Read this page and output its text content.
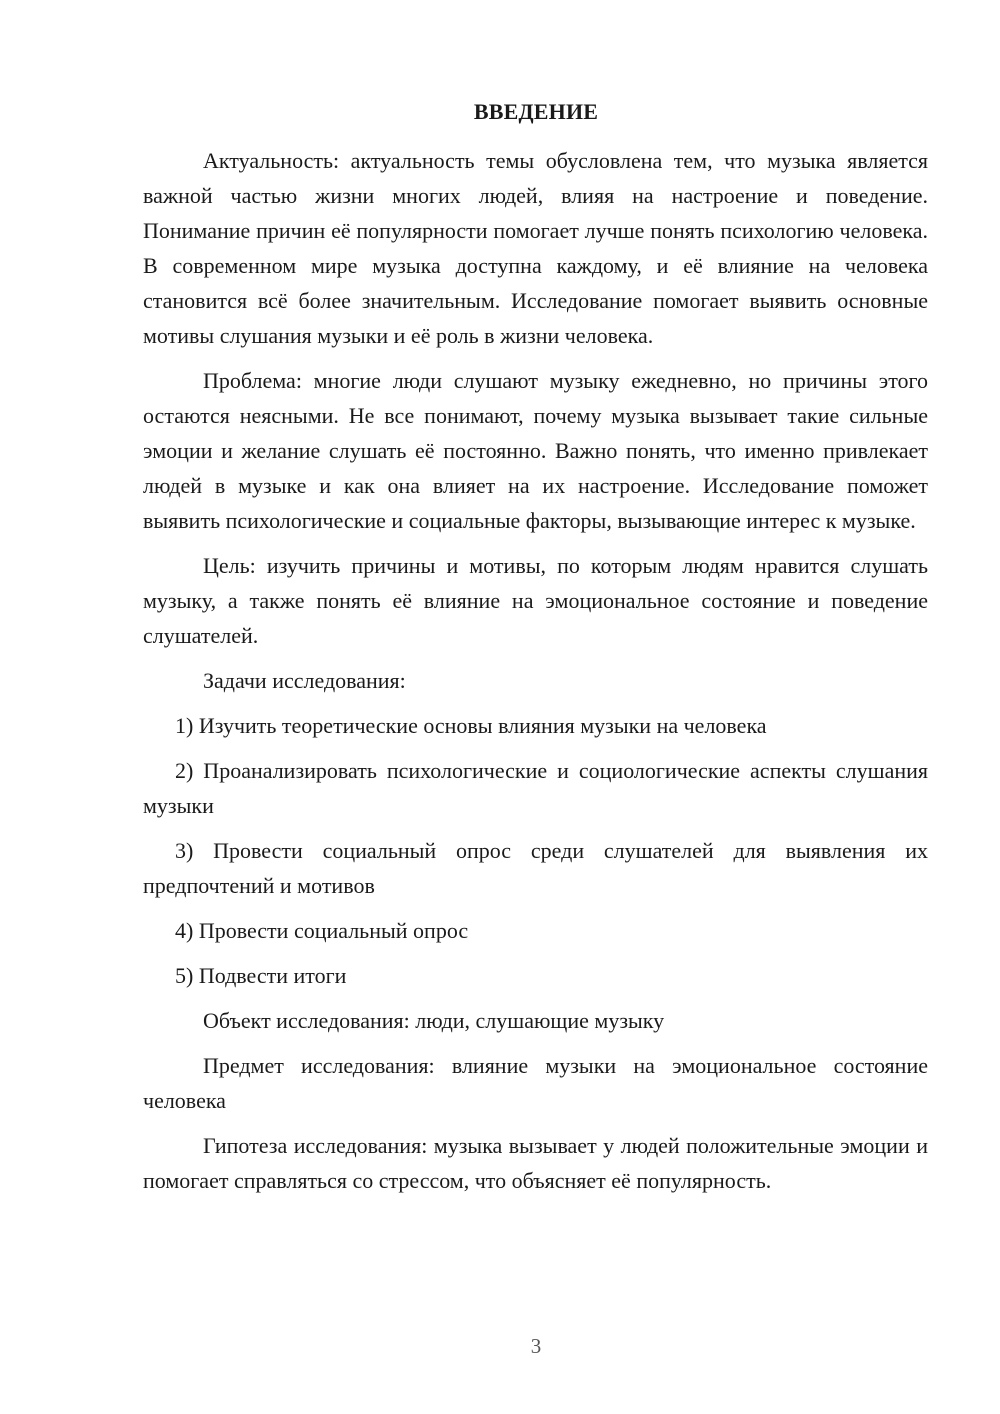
ВВЕДЕНИЕ

Актуальность: актуальность темы обусловлена тем, что музыка является важной частью жизни многих людей, влияя на настроение и поведение. Понимание причин её популярности помогает лучше понять психологию человека. В современном мире музыка доступна каждому, и её влияние на человека становится всё более значительным. Исследование помогает выявить основные мотивы слушания музыки и её роль в жизни человека.

Проблема: многие люди слушают музыку ежедневно, но причины этого остаются неясными. Не все понимают, почему музыка вызывает такие сильные эмоции и желание слушать её постоянно. Важно понять, что именно привлекает людей в музыке и как она влияет на их настроение. Исследование поможет выявить психологические и социальные факторы, вызывающие интерес к музыке.

Цель: изучить причины и мотивы, по которым людям нравится слушать музыку, а также понять её влияние на эмоциональное состояние и поведение слушателей.

Задачи исследования:

1) Изучить теоретические основы влияния музыки на человека

2) Проанализировать психологические и социологические аспекты слушания музыки

3) Провести социальный опрос среди слушателей для выявления их предпочтений и мотивов

4) Провести социальный опрос

5) Подвести итоги

Объект исследования: люди, слушающие музыку

Предмет исследования: влияние музыки на эмоциональное состояние человека

Гипотеза исследования: музыка вызывает у людей положительные эмоции и помогает справляться со стрессом, что объясняет её популярность.

3
